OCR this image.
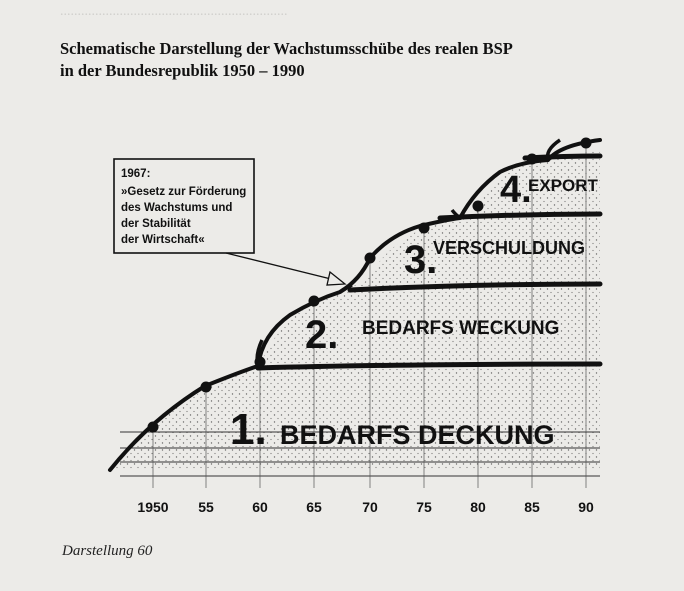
.................................................................
Schematische Darstellung der Wachstumsschübe des realen BSP
in der Bundesrepublik 1950 – 1990
1. BEDARFS DECKUNG
2. BEDARFS WECKUNG
3.
VERSCHULDUNG
4.
EXPORT
1967:
»Gesetz zur Förderung
des Wachstums und
der Stabilität
der Wirtschaft«
1950 55	60	65	70	75	80	85	90
Darstellung 60
